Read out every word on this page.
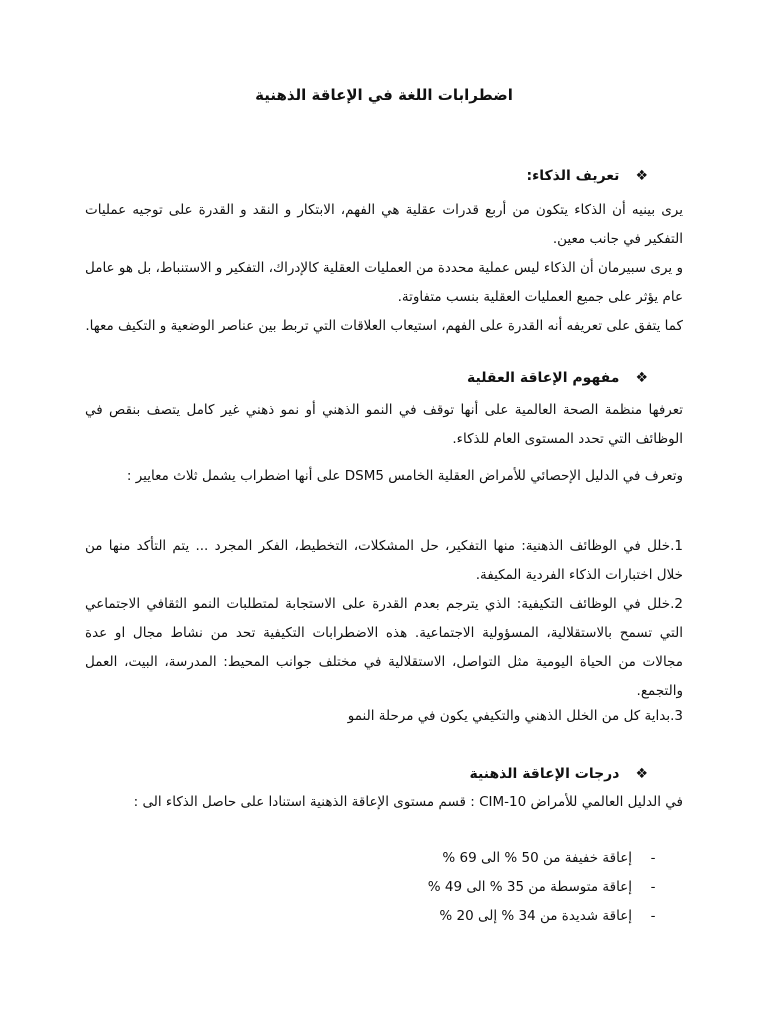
اضطرابات اللغة في الإعاقة الذهنية
❖
تعريف الذكاء:

يرى بينيه أن الذكاء يتكون من أربع قدرات عقلية هي الفهم، الابتكار و النقد و القدرة على توجيه عمليات التفكير في جانب معين.

و يرى سبيرمان أن الذكاء ليس عملية محددة من العمليات العقلية كالإدراك، التفكير و الاستنباط، بل هو عامل عام يؤثر على جميع العمليات العقلية بنسب متفاوتة.

كما يتفق على تعريفه أنه القدرة على الفهم، استيعاب العلاقات التي تربط بين عناصر الوضعية و التكيف معها.

❖
مفهوم الإعاقة العقلية

تعرفها منظمة الصحة العالمية على أنها توقف في النمو الذهني أو نمو ذهني غير كامل يتصف بنقص في الوظائف التي تحدد المستوى العام للذكاء.

وتعرف في الدليل الإحصائي للأمراض العقلية الخامس DSM5 على أنها اضطراب يشمل ثلاث معايير :

1.خلل في الوظائف الذهنية: منها التفكير، حل المشكلات، التخطيط، الفكر المجرد ... يتم التأكد منها من خلال اختبارات الذكاء الفردية المكيفة.

2.خلل في الوظائف التكيفية: الذي يترجم بعدم القدرة على الاستجابة لمتطلبات النمو الثقافي الاجتماعي التي تسمح بالاستقلالية، المسؤولية الاجتماعية. هذه الاضطرابات التكيفية تحد من نشاط مجال او عدة مجالات من الحياة اليومية مثل التواصل، الاستقلالية في مختلف جوانب المحيط: المدرسة، البيت، العمل والتجمع.

3.بداية كل من الخلل الذهني والتكيفي يكون في مرحلة النمو

❖
درجات الإعاقة الذهنية

في الدليل العالمي للأمراض CIM-10 : قسم مستوى الإعاقة الذهنية استنادا على حاصل الذكاء الى :

-
إعاقة خفيفة من 50 % الى 69 %
-
إعاقة متوسطة من 35 % الى 49 %
-
إعاقة شديدة من 34 % إلى 20 %
